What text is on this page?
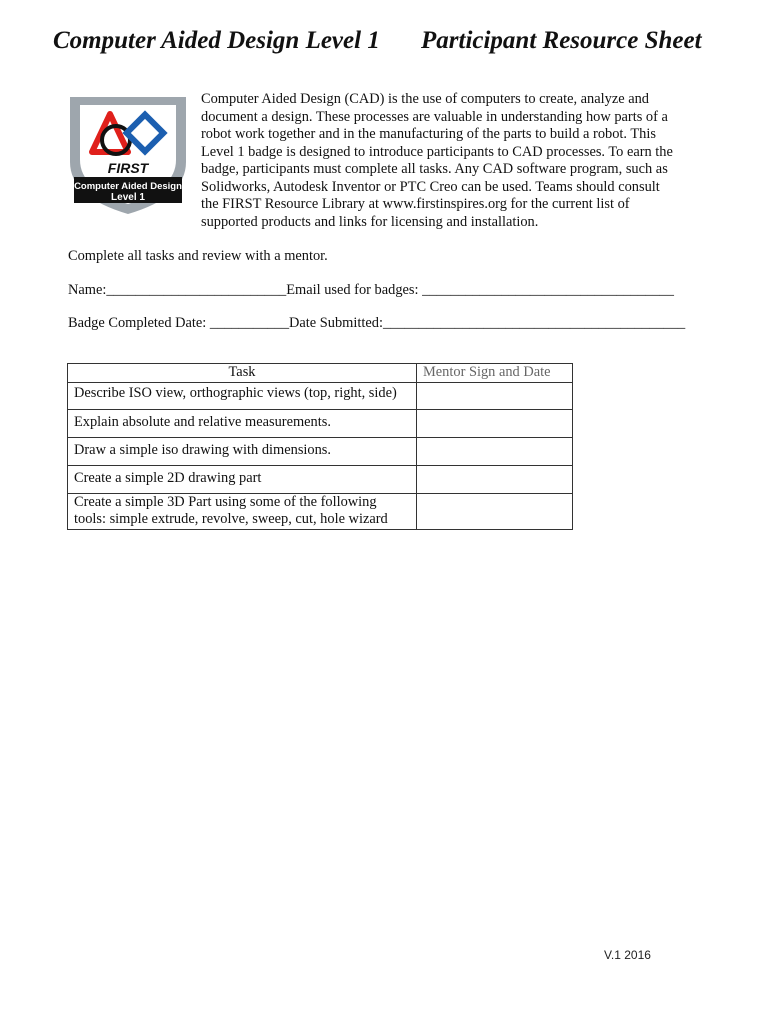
Computer Aided Design Level 1 Participant Resource Sheet
FIRST
Computer Aided Design
Level 1
Computer Aided Design (CAD) is the use of computers to create, analyze and
document a design. These processes are valuable in understanding how parts of a
robot work together and in the manufacturing of the parts to build a robot. This
Level 1 badge is designed to introduce participants to CAD processes. To earn the
badge, participants must complete all tasks. Any CAD software program, such as
Solidworks, Autodesk Inventor or PTC Creo can be used. Teams should consult
the FIRST Resource Library at www.firstinspires.org for the current list of
supported products and links for licensing and installation.
Complete all tasks and review with a mentor.
Name:_________________________Email used for badges: ___________________________________
Badge Completed Date: ___________Date Submitted:__________________________________________
Task	Mentor Sign and Date

Describe ISO view, orthographic views (top, right, side)	

Explain absolute and relative measurements.	

Draw a simple iso drawing with dimensions.	

Create a simple 2D drawing part	

Create a simple 3D Part using some of the following
tools: simple extrude, revolve, sweep, cut, hole wizard	

V.1 2016
